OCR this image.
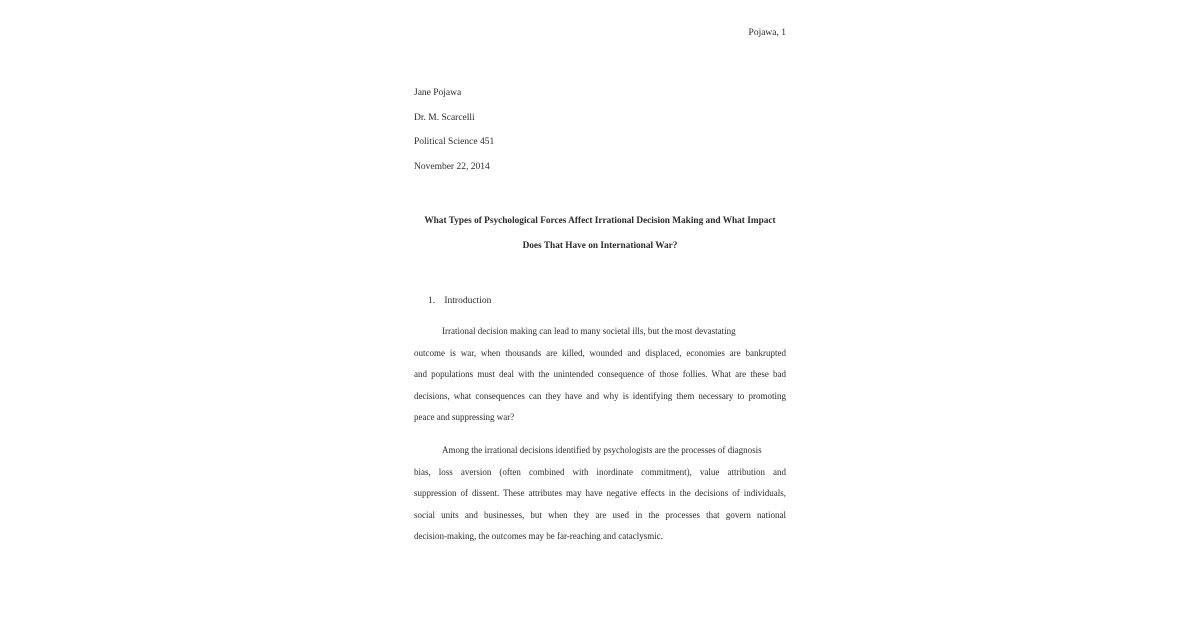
Pojawa, 1
Jane Pojawa
Dr. M. Scarcelli
Political Science 451
November 22, 2014
What Types of Psychological Forces Affect Irrational Decision Making and What Impact
Does That Have on International War?
1. Introduction
Irrational decision making can lead to many societal ills, but the most devastating
outcome is war, when thousands are killed, wounded and displaced, economies are bankrupted
and populations must deal with the unintended consequence of those follies. What are these bad
decisions, what consequences can they have and why is identifying them necessary to promoting
peace and suppressing war?
Among the irrational decisions identified by psychologists are the processes of diagnosis
bias, loss aversion (often combined with inordinate commitment), value attribution and
suppression of dissent. These attributes may have negative effects in the decisions of individuals,
social units and businesses, but when they are used in the processes that govern national
decision-making, the outcomes may be far-reaching and cataclysmic.
